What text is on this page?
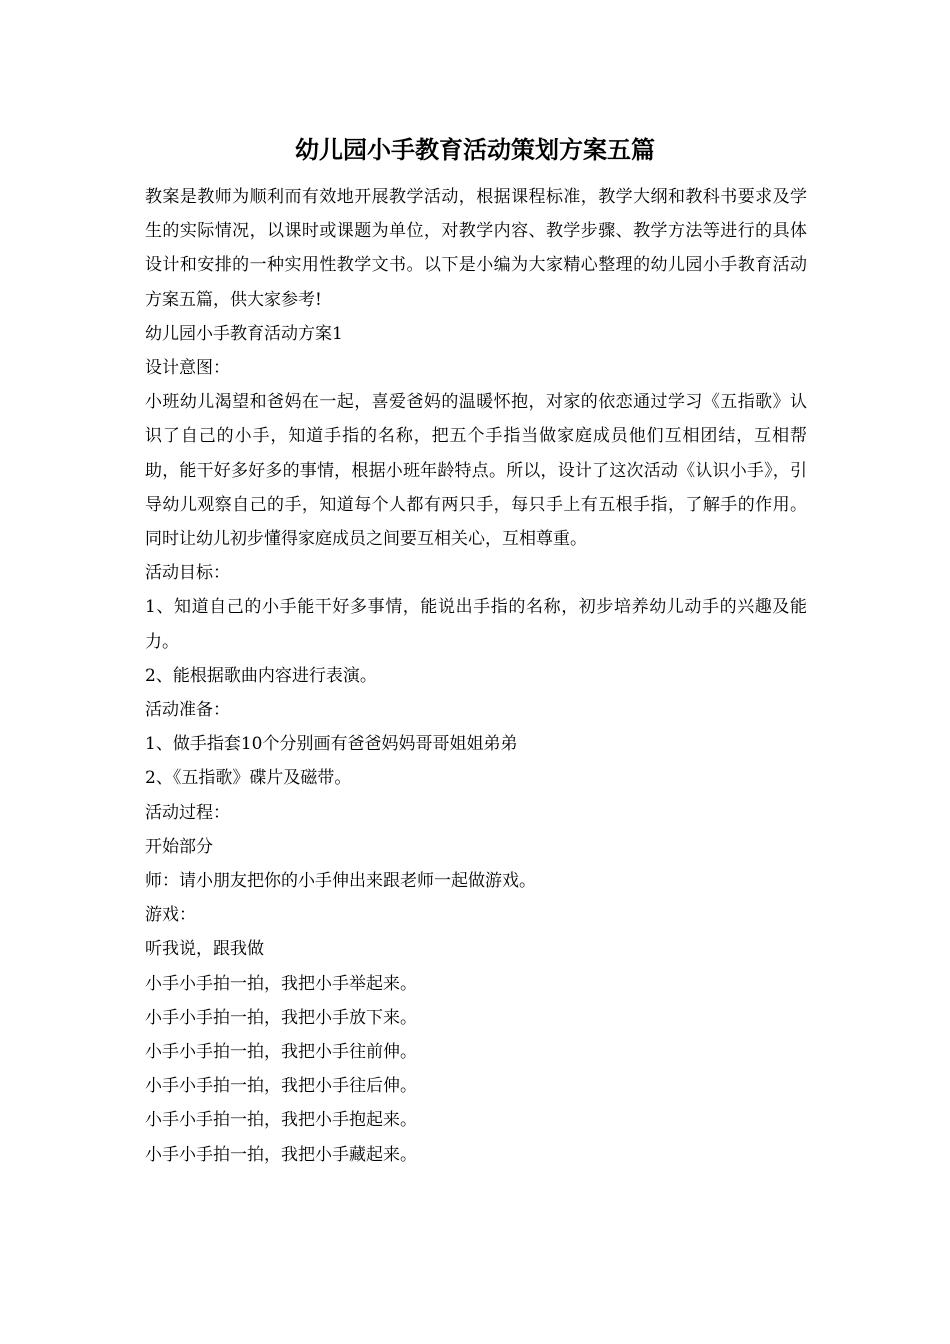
幼儿园小手教育活动策划方案五篇

教案是教师为顺利而有效地开展教学活动，根据课程标准，教学大纲和教科书要求及学生的实际情况，以课时或课题为单位，对教学内容、教学步骤、教学方法等进行的具体设计和安排的一种实用性教学文书。以下是小编为大家精心整理的幼儿园小手教育活动方案五篇，供大家参考!

幼儿园小手教育活动方案1

设计意图：

小班幼儿渴望和爸妈在一起，喜爱爸妈的温暖怀抱，对家的依恋通过学习《五指歌》认识了自己的小手，知道手指的名称，把五个手指当做家庭成员他们互相团结，互相帮助，能干好多好多的事情，根据小班年龄特点。所以，设计了这次活动《认识小手》，引导幼儿观察自己的手，知道每个人都有两只手，每只手上有五根手指，了解手的作用。同时让幼儿初步懂得家庭成员之间要互相关心，互相尊重。

活动目标：

1、知道自己的小手能干好多事情，能说出手指的名称，初步培养幼儿动手的兴趣及能力。

2、能根据歌曲内容进行表演。

活动准备：

1、做手指套10个分别画有爸爸妈妈哥哥姐姐弟弟

2、《五指歌》碟片及磁带。

活动过程：

开始部分

师：请小朋友把你的小手伸出来跟老师一起做游戏。

游戏：

听我说，跟我做

小手小手拍一拍，我把小手举起来。

小手小手拍一拍，我把小手放下来。

小手小手拍一拍，我把小手往前伸。

小手小手拍一拍，我把小手往后伸。

小手小手拍一拍，我把小手抱起来。

小手小手拍一拍，我把小手藏起来。
